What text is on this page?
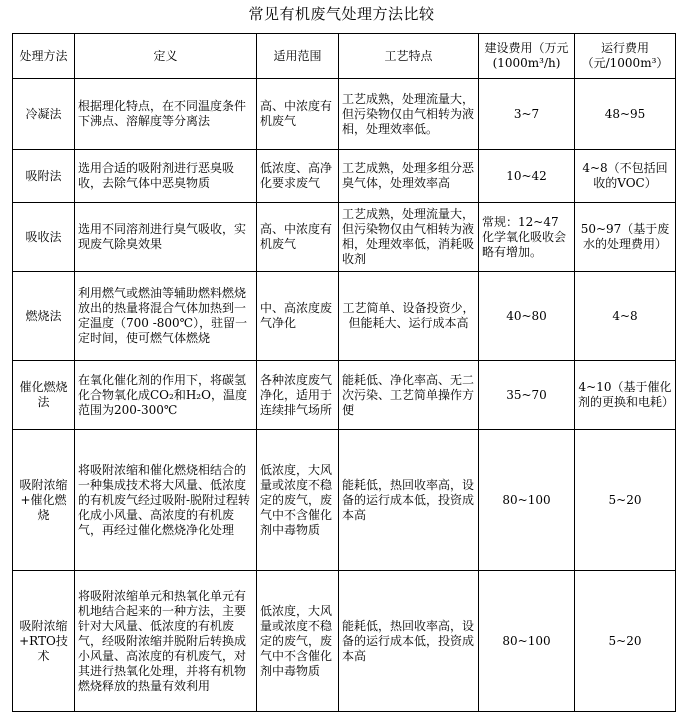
常见有机废气处理方法比较
处理方法	定义	适用范围	工艺特点	建设费用（万元(1000m³/h)	运行费用（元/1000m³）
冷凝法	根据理化特点，在不同温度条件下沸点、溶解度等分离法	高、中浓度有机废气	工艺成熟，处理流量大，但污染物仅由气相转为液相，处理效率低。	3~7	48~95
吸附法	选用合适的吸附剂进行恶臭吸收，去除气体中恶臭物质	低浓度、高净化要求废气	工艺成熟，处理多组分恶臭气体，处理效率高	10~42	4~8（不包括回收的VOC）
吸收法	选用不同溶剂进行臭气吸收，实现废气除臭效果	高、中浓度有机废气	工艺成熟，处理流量大，但污染物仅由气相转为液相，处理效率低，消耗吸收剂	常规：12~47 化学氧化吸收会略有增加。	50~97（基于废水的处理费用）
燃烧法	利用燃气或燃油等辅助燃料燃烧放出的热量将混合气体加热到一定温度（700 -800℃），驻留一定时间，使可燃气体燃烧	中、高浓度废气净化	工艺简单、设备投资少，但能耗大、运行成本高	40~80	4~8
催化燃烧法	在氧化催化剂的作用下，将碳氢化合物氧化成CO₂和H₂O，温度范围为200-300℃	各种浓度废气净化，适用于连续排气场所	能耗低、净化率高、无二次污染、工艺简单操作方便	35~70	4~10（基于催化剂的更换和电耗）
吸附浓缩+催化燃烧	将吸附浓缩和催化燃烧相结合的一种集成技术将大风量、低浓度的有机废气经过吸附-脱附过程转化成小风量、高浓度的有机废气，再经过催化燃烧净化处理	低浓度，大风量或浓度不稳定的废气，废气中不含催化剂中毒物质	能耗低，热回收率高，设备的运行成本低，投资成本高	80~100	5~20
吸附浓缩+RTO技术	将吸附浓缩单元和热氧化单元有机地结合起来的一种方法，主要针对大风量、低浓度的有机废气，经吸附浓缩并脱附后转换成小风量、高浓度的有机废气，对其进行热氧化处理，并将有机物燃烧释放的热量有效利用	低浓度，大风量或浓度不稳定的废气，废气中不含催化剂中毒物质	能耗低，热回收率高，设备的运行成本低，投资成本高	80~100	5~20
